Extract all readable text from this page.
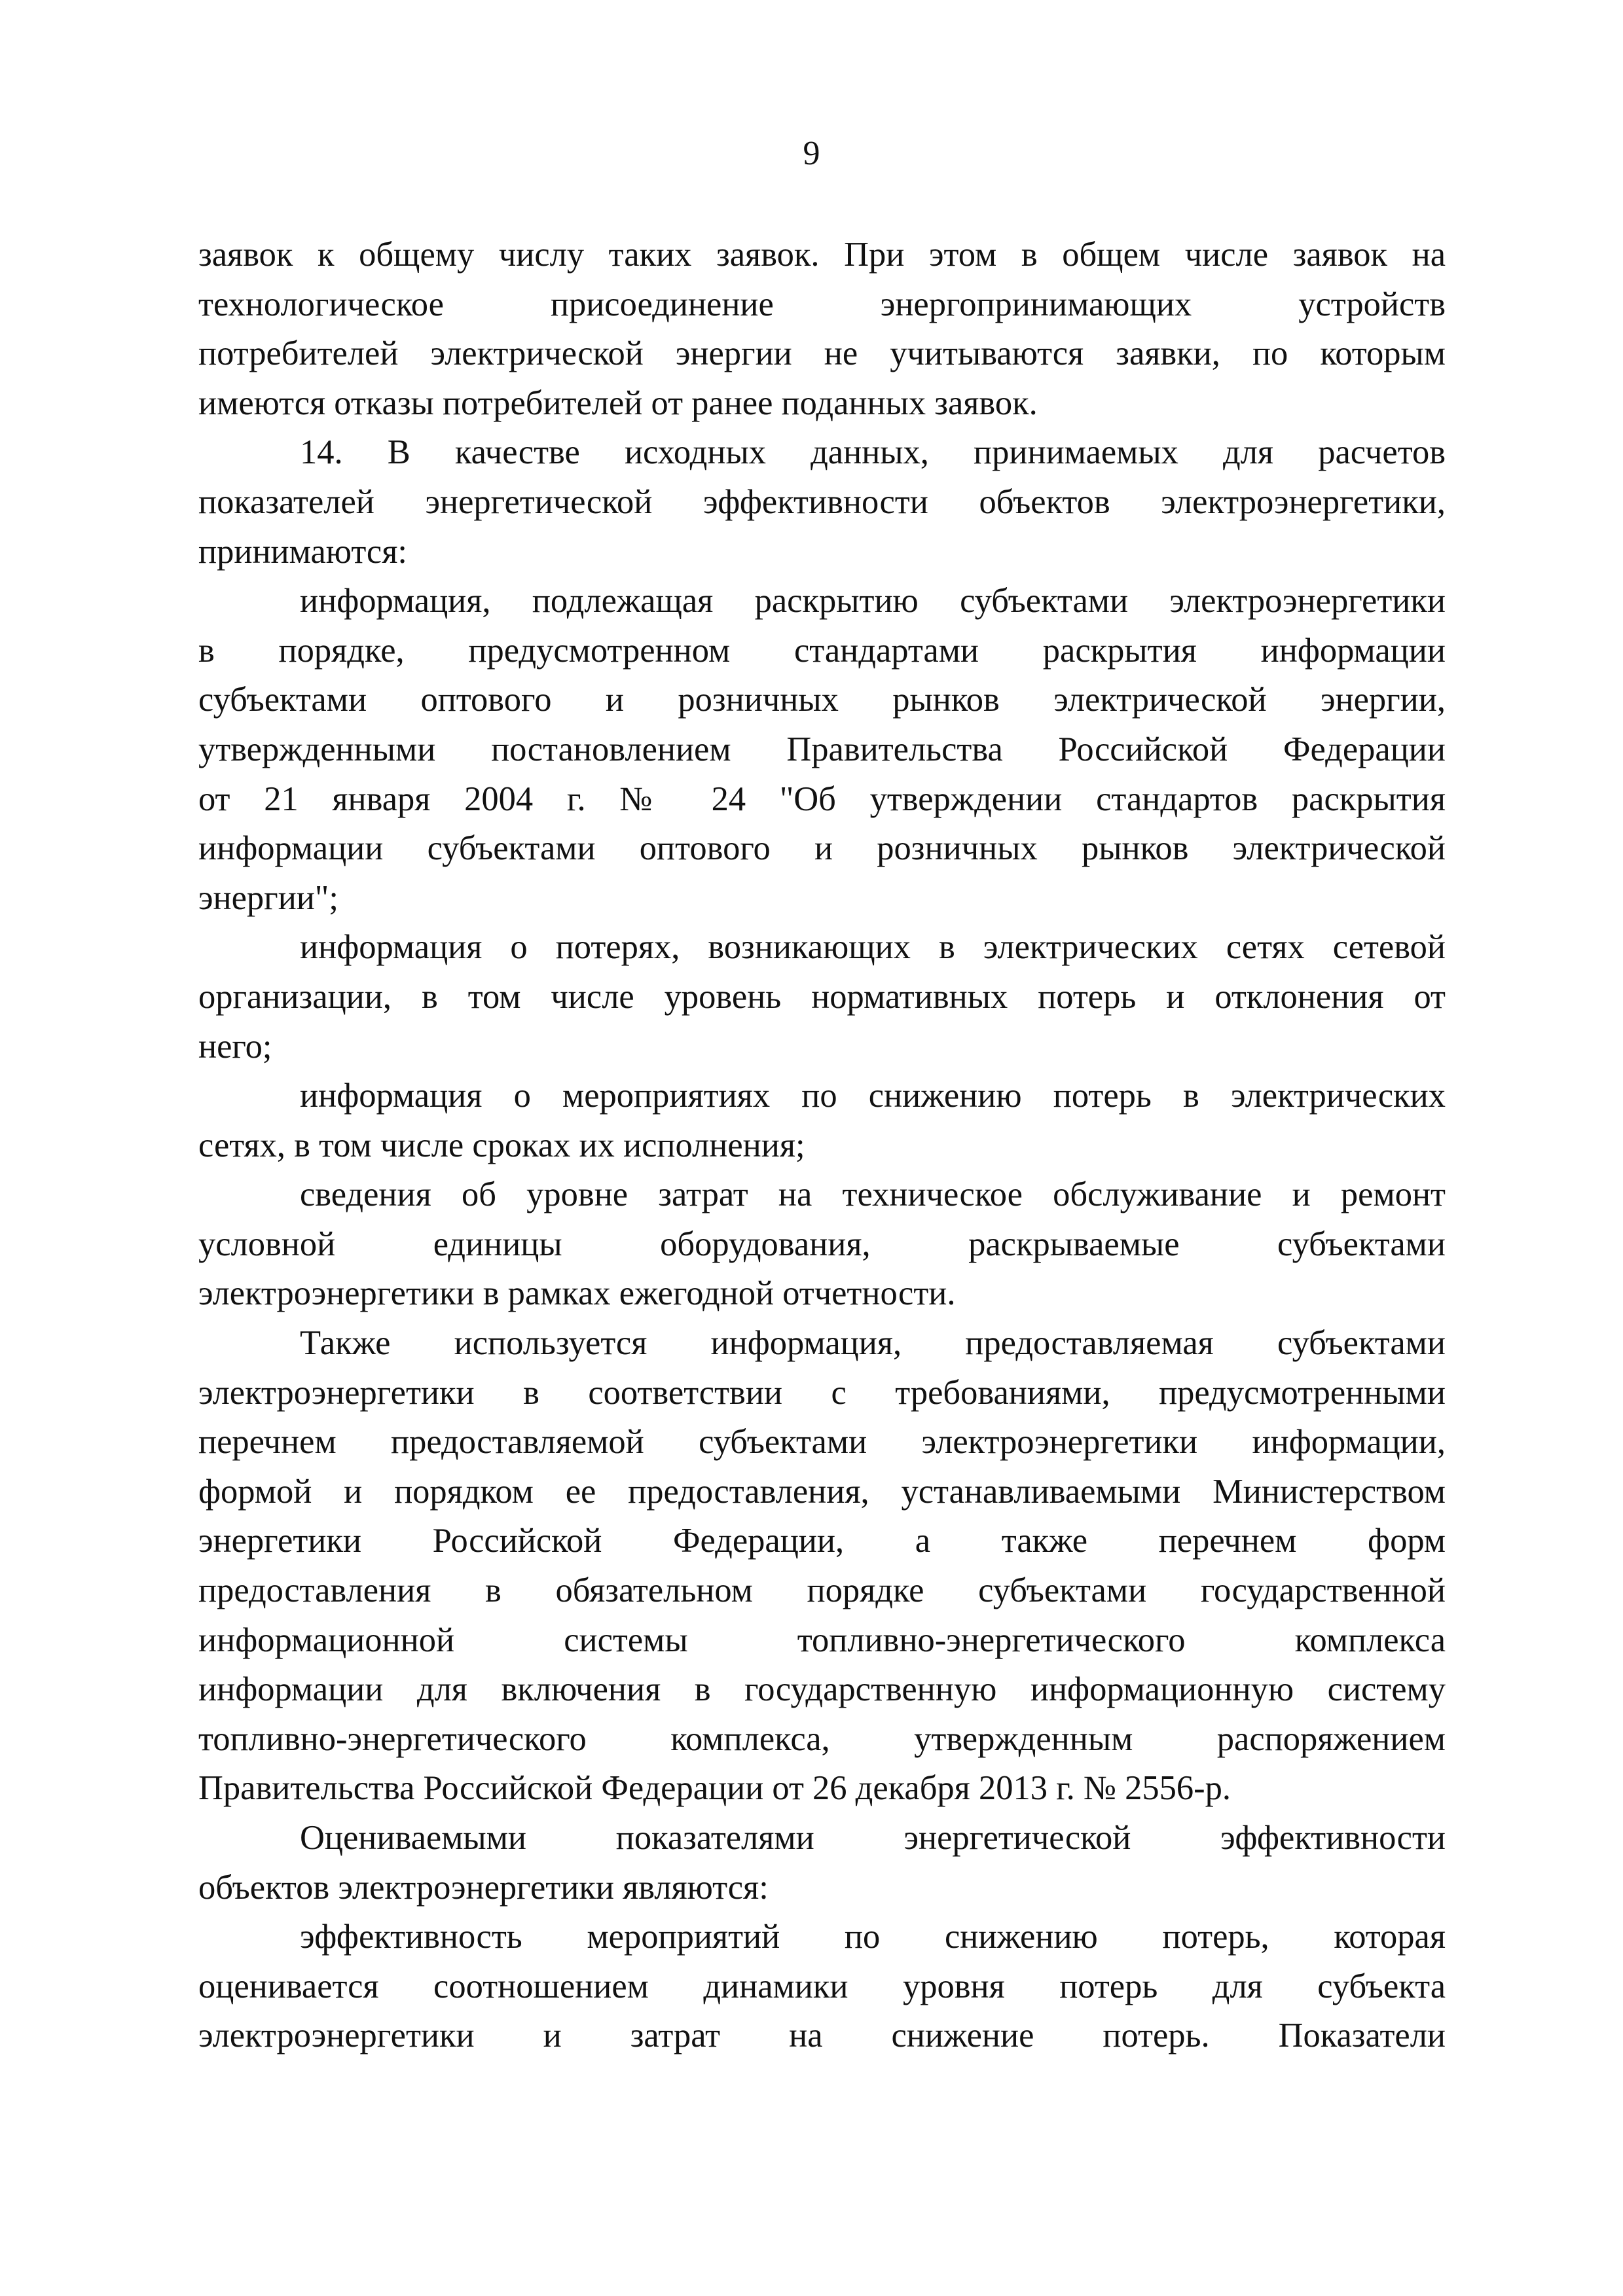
9
заявок к общему числу таких заявок. При этом в общем числе заявок на
технологическое присоединение энергопринимающих устройств
потребителей электрической энергии не учитываются заявки, по которым
имеются отказы потребителей от ранее поданных заявок.
14. В качестве исходных данных, принимаемых для расчетов
показателей энергетической эффективности объектов электроэнергетики,
принимаются:
информация, подлежащая раскрытию субъектами электроэнергетики
в порядке, предусмотренном стандартами раскрытия информации
субъектами оптового и розничных рынков электрической энергии,
утвержденными постановлением Правительства Российской Федерации
от 21 января 2004 г. № 24 "Об утверждении стандартов раскрытия
информации субъектами оптового и розничных рынков электрической
энергии";
информация о потерях, возникающих в электрических сетях сетевой
организации, в том числе уровень нормативных потерь и отклонения от
него;
информация о мероприятиях по снижению потерь в электрических
сетях, в том числе сроках их исполнения;
сведения об уровне затрат на техническое обслуживание и ремонт
условной единицы оборудования, раскрываемые субъектами
электроэнергетики в рамках ежегодной отчетности.
Также используется информация, предоставляемая субъектами
электроэнергетики в соответствии с требованиями, предусмотренными
перечнем предоставляемой субъектами электроэнергетики информации,
формой и порядком ее предоставления, устанавливаемыми Министерством
энергетики Российской Федерации, а также перечнем форм
предоставления в обязательном порядке субъектами государственной
информационной системы топливно-энергетического комплекса
информации для включения в государственную информационную систему
топливно-энергетического комплекса, утвержденным распоряжением
Правительства Российской Федерации от 26 декабря 2013 г. № 2556-р.
Оцениваемыми показателями энергетической эффективности
объектов электроэнергетики являются:
эффективность мероприятий по снижению потерь, которая
оценивается соотношением динамики уровня потерь для субъекта
электроэнергетики и затрат на снижение потерь. Показатели
